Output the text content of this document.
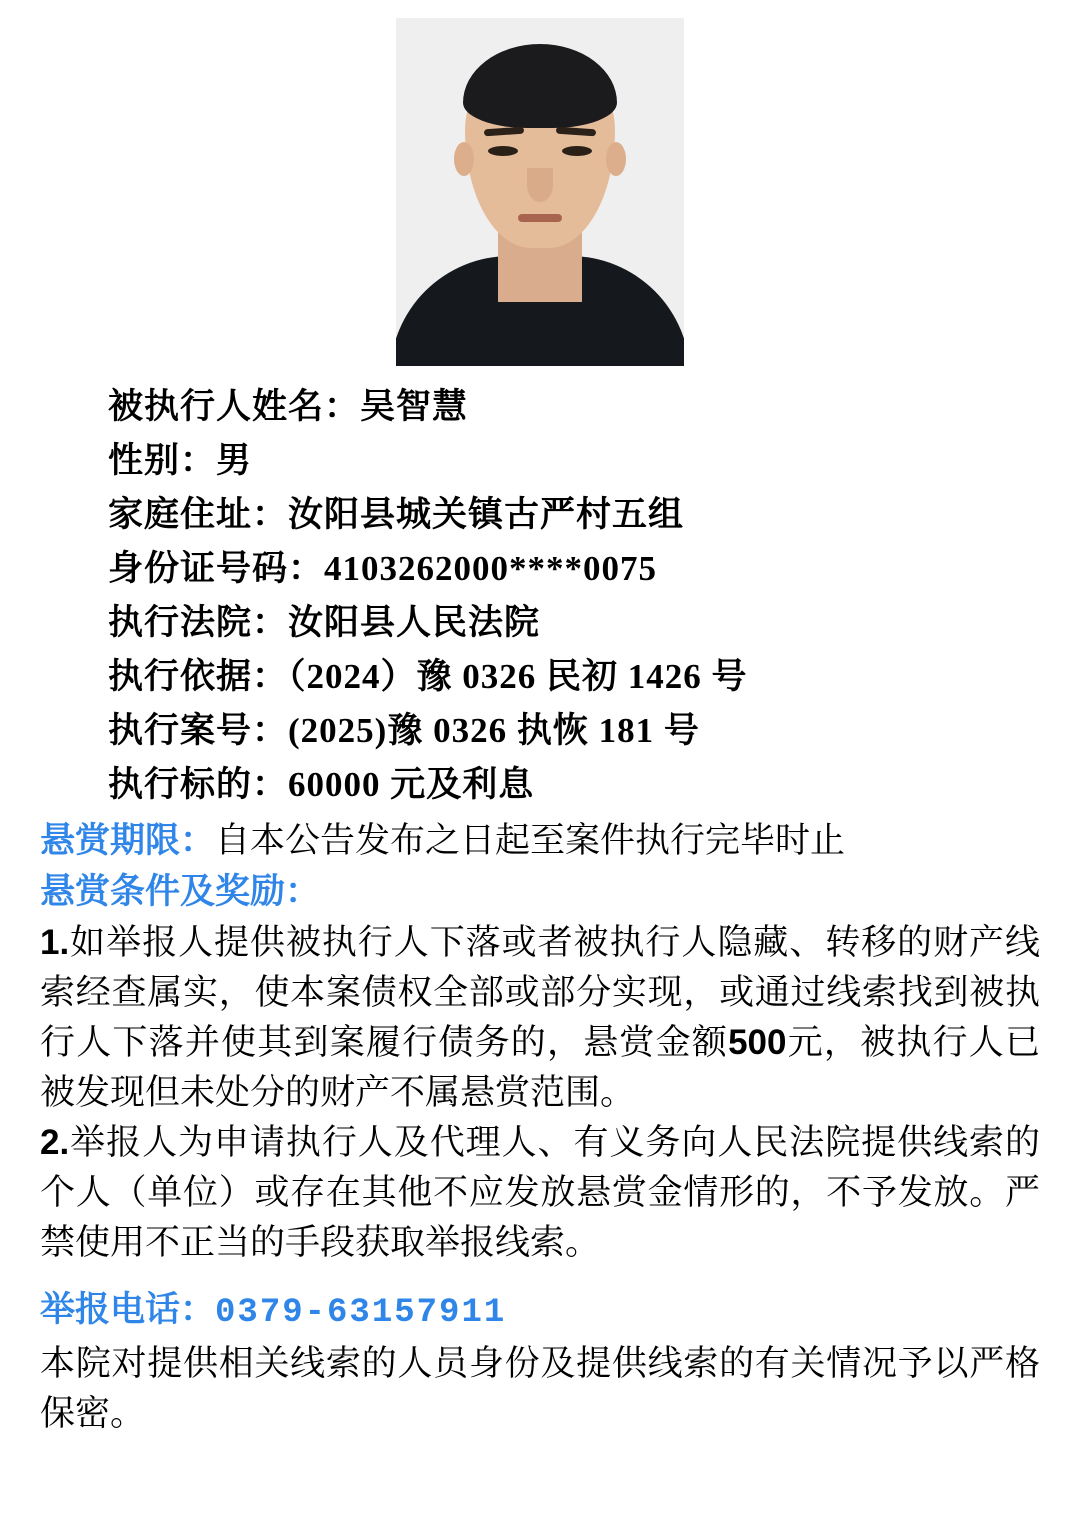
被执行人姓名：吴智慧
性别：男
家庭住址：汝阳县城关镇古严村五组
身份证号码：4103262000****0075
执行法院：汝阳县人民法院
执行依据：（2024）豫 0326 民初 1426 号
执行案号：(2025)豫 0326 执恢 181 号
执行标的：60000 元及利息
悬赏期限：自本公告发布之日起至案件执行完毕时止
悬赏条件及奖励：
1.如举报人提供被执行人下落或者被执行人隐藏、转移的财产线索经查属实，使本案债权全部或部分实现，或通过线索找到被执行人下落并使其到案履行债务的，悬赏金额500元，被执行人已被发现但未处分的财产不属悬赏范围。
2.举报人为申请执行人及代理人、有义务向人民法院提供线索的个人（单位）或存在其他不应发放悬赏金情形的，不予发放。严禁使用不正当的手段获取举报线索。
举报电话：0379-63157911
本院对提供相关线索的人员身份及提供线索的有关情况予以严格保密。
